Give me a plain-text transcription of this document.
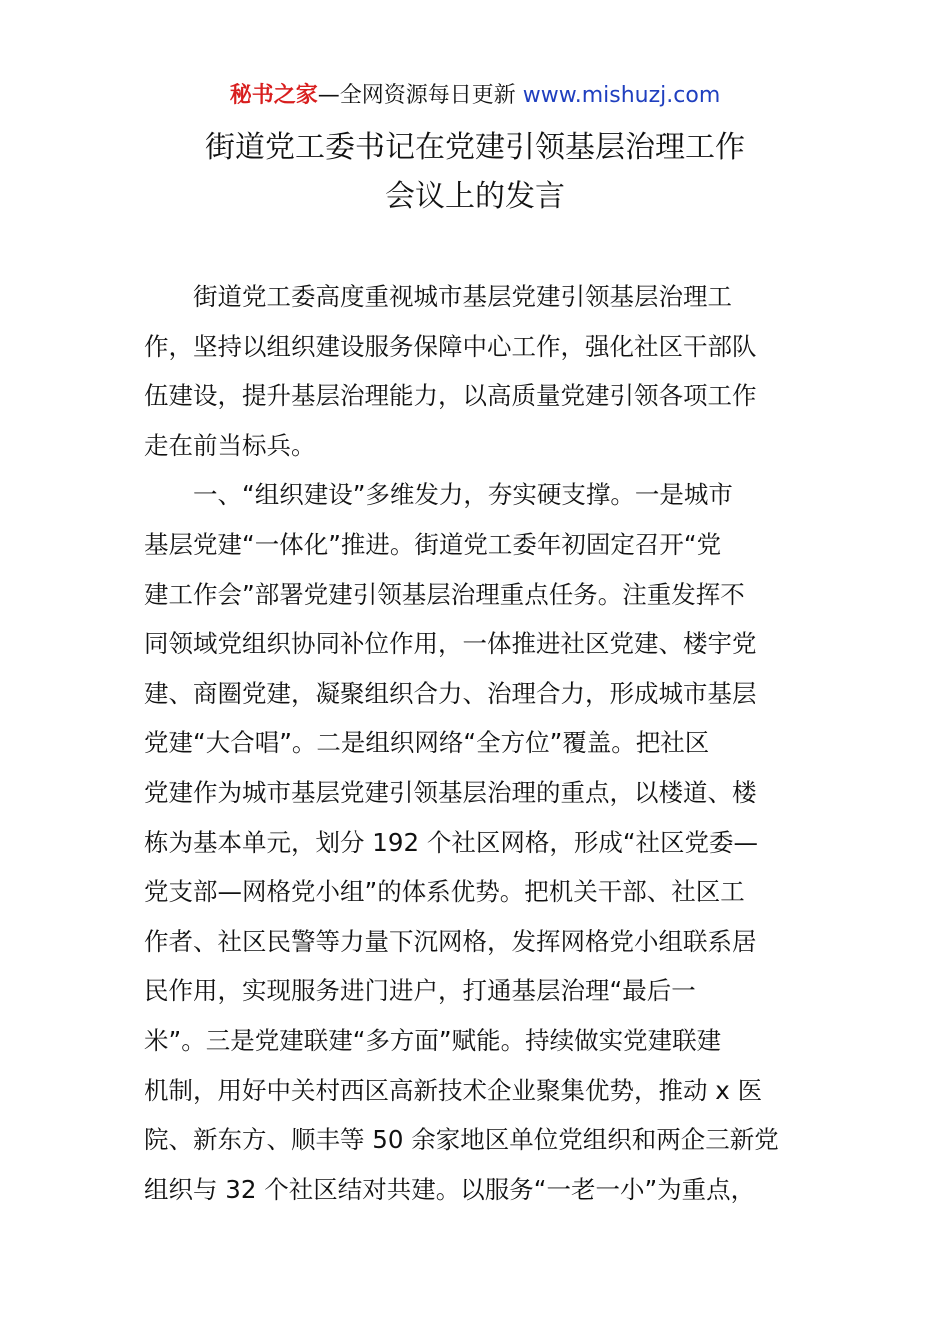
秘书之家—全网资源每日更新 www.mishuzj.com
街道党工委书记在党建引领基层治理工作
会议上的发言
街道党工委高度重视城市基层党建引领基层治理工
作，坚持以组织建设服务保障中心工作，强化社区干部队
伍建设，提升基层治理能力，以高质量党建引领各项工作
走在前当标兵。
一、“组织建设”多维发力，夯实硬支撑。一是城市
基层党建“一体化”推进。街道党工委年初固定召开“党
建工作会”部署党建引领基层治理重点任务。注重发挥不
同领域党组织协同补位作用，一体推进社区党建、楼宇党
建、商圈党建，凝聚组织合力、治理合力，形成城市基层
党建“大合唱”。二是组织网络“全方位”覆盖。把社区
党建作为城市基层党建引领基层治理的重点，以楼道、楼
栋为基本单元，划分 192 个社区网格，形成“社区党委—
党支部—网格党小组”的体系优势。把机关干部、社区工
作者、社区民警等力量下沉网格，发挥网格党小组联系居
民作用，实现服务进门进户，打通基层治理“最后一
米”。三是党建联建“多方面”赋能。持续做实党建联建
机制，用好中关村西区高新技术企业聚集优势，推动 x 医
院、新东方、顺丰等 50 余家地区单位党组织和两企三新党
组织与 32 个社区结对共建。以服务“一老一小”为重点，
